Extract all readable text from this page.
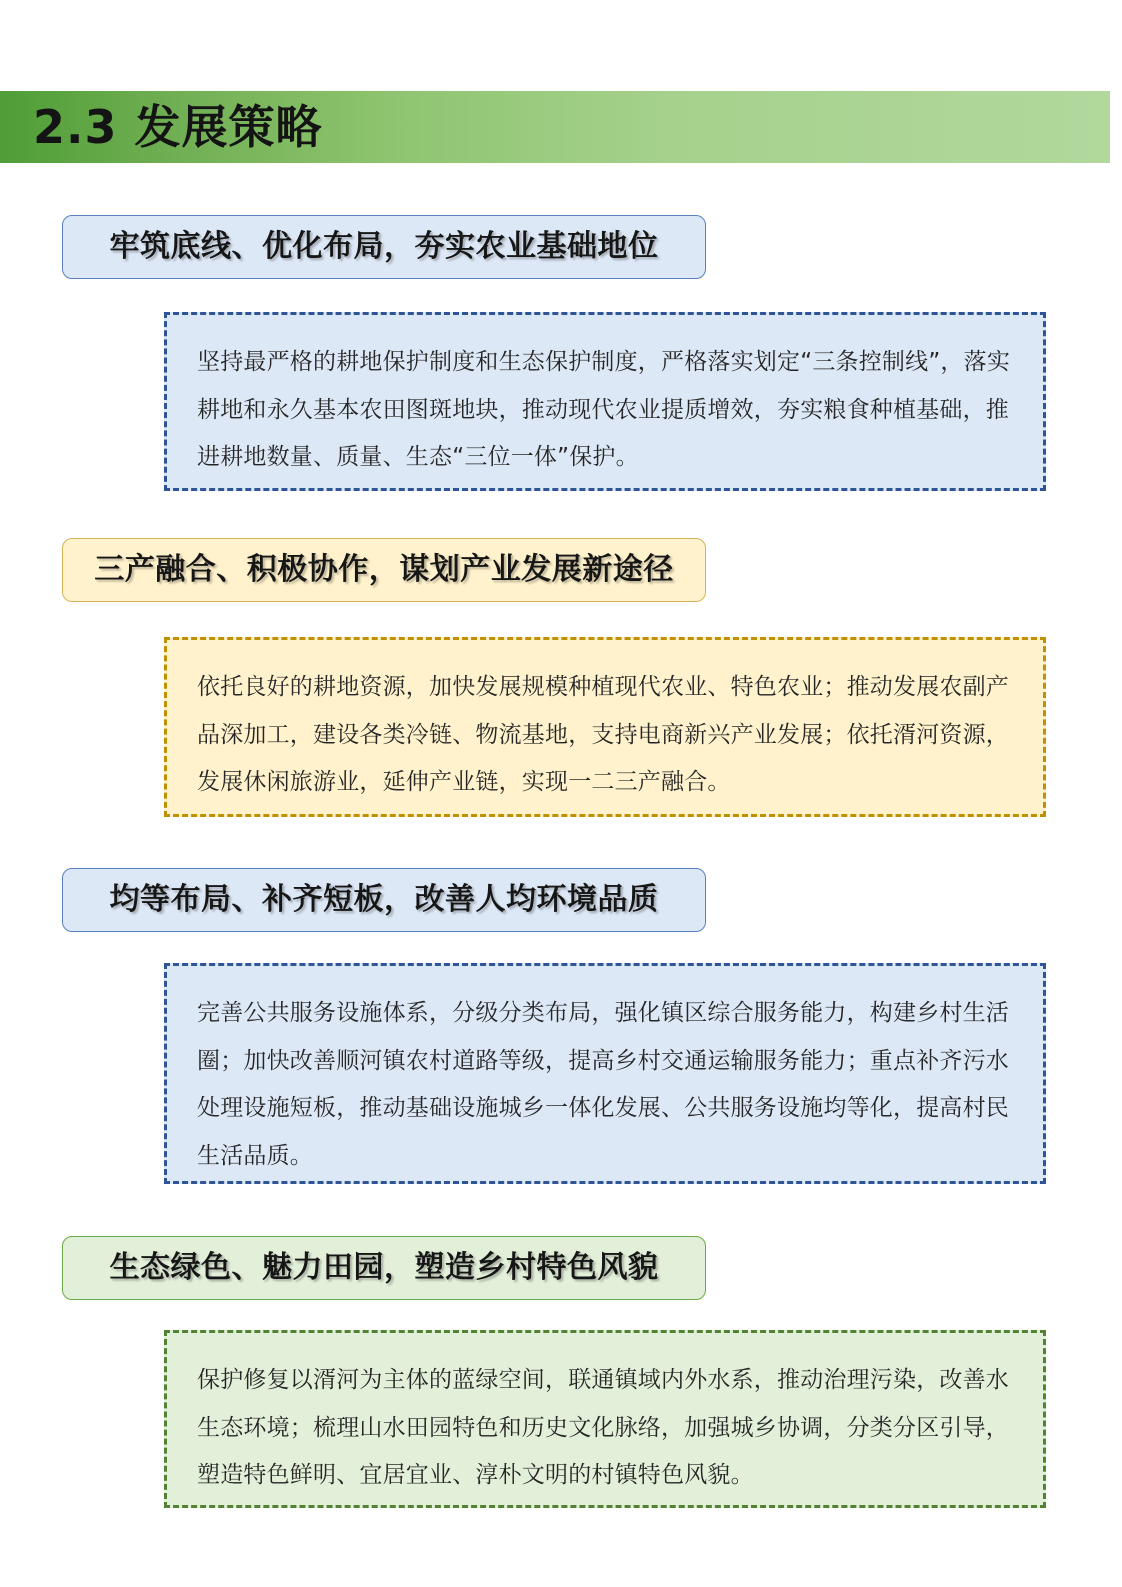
2.3 发展策略
牢筑底线、优化布局，夯实农业基础地位

坚持最严格的耕地保护制度和生态保护制度，严格落实划定“三条控制线”，落实耕地和永久基本农田图斑地块，推动现代农业提质增效，夯实粮食种植基础，推进耕地数量、质量、生态“三位一体”保护。

三产融合、积极协作，谋划产业发展新途径

依托良好的耕地资源，加快发展规模种植现代农业、特色农业；推动发展农副产品深加工，建设各类冷链、物流基地，支持电商新兴产业发展；依托湑河资源，发展休闲旅游业，延伸产业链，实现一二三产融合。

均等布局、补齐短板，改善人均环境品质

完善公共服务设施体系，分级分类布局，强化镇区综合服务能力，构建乡村生活圈；加快改善顺河镇农村道路等级，提高乡村交通运输服务能力；重点补齐污水处理设施短板，推动基础设施城乡一体化发展、公共服务设施均等化，提高村民生活品质。

生态绿色、魅力田园，塑造乡村特色风貌

保护修复以湑河为主体的蓝绿空间，联通镇域内外水系，推动治理污染，改善水生态环境；梳理山水田园特色和历史文化脉络，加强城乡协调，分类分区引导，塑造特色鲜明、宜居宜业、淳朴文明的村镇特色风貌。
